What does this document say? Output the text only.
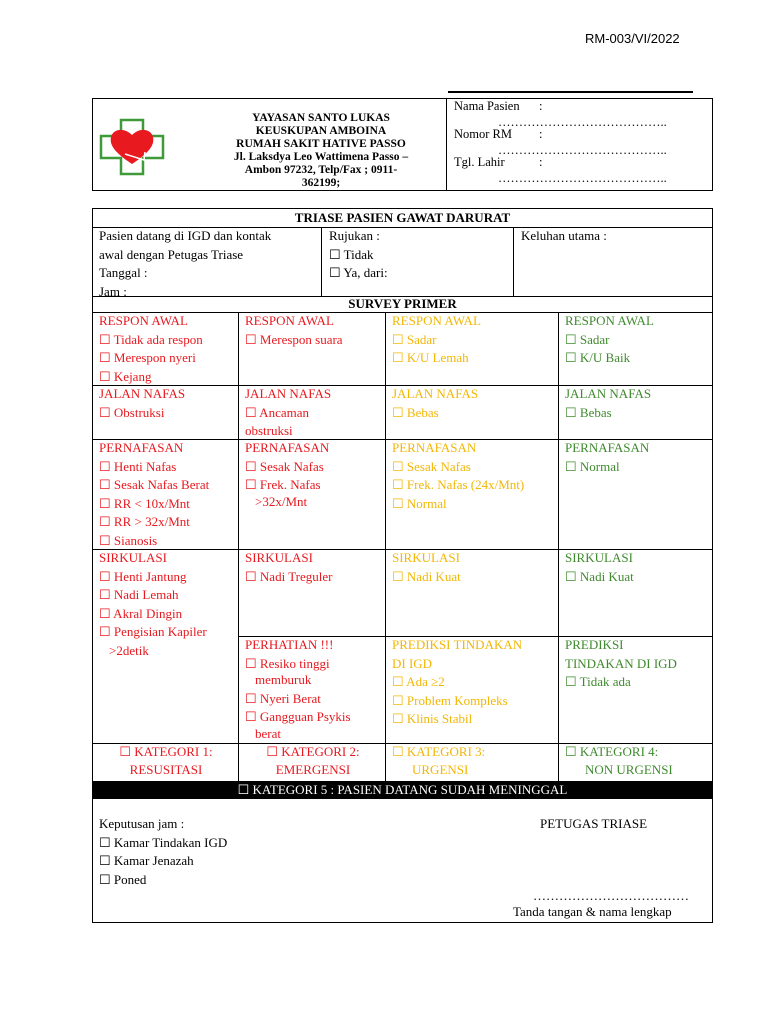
RM-003/VI/2022
YAYASAN SANTO LUKAS
KEUSKUPAN AMBOINA
RUMAH SAKIT HATIVE PASSO
Jl. Laksdya Leo Wattimena Passo –
Ambon 97232, Telp/Fax ; 0911-
362199;
Nama Pasien :
…………………………………..
Nomor RM :
…………………………………..
Tgl. Lahir	:
…………………………………..
TRIASE PASIEN GAWAT DARURAT
Pasien datang di IGD dan kontak
awal dengan Petugas Triase
Tanggal :
Jam :
Rujukan :
☐ Tidak
☐ Ya, dari:
Keluhan utama :
SURVEY PRIMER
RESPON AWAL
☐ Tidak ada respon
☐ Merespon nyeri
☐ Kejang
JALAN NAFAS
☐ Obstruksi
PERNAFASAN
☐ Henti Nafas
☐ Sesak Nafas Berat
☐ RR < 10x/Mnt
☐ RR > 32x/Mnt
☐ Sianosis
SIRKULASI
☐ Henti Jantung
☐ Nadi Lemah
☐ Akral Dingin
☐ Pengisian Kapiler
>2detik
☐ KATEGORI 1:
RESUSITASI
RESPON AWAL
☐ Merespon suara
JALAN NAFAS
☐ Ancaman
obstruksi
PERNAFASAN
☐ Sesak Nafas
☐ Frek. Nafas
>32x/Mnt
SIRKULASI
☐ Nadi Treguler
PERHATIAN !!!
☐ Resiko tinggi
memburuk
☐ Nyeri Berat
☐ Gangguan Psykis
berat
☐ KATEGORI 2:
EMERGENSI
RESPON AWAL
☐ Sadar
☐ K/U Lemah
JALAN NAFAS
☐ Bebas
PERNAFASAN
☐ Sesak Nafas
☐ Frek. Nafas (24x/Mnt)
☐ Normal
SIRKULASI
☐ Nadi Kuat
PREDIKSI TINDAKAN
DI IGD
☐ Ada ≥2
☐ Problem Kompleks
☐ Klinis Stabil
☐ KATEGORI 3:
URGENSI
RESPON AWAL
☐ Sadar
☐ K/U Baik
JALAN NAFAS
☐ Bebas
PERNAFASAN
☐ Normal
SIRKULASI
☐ Nadi Kuat
PREDIKSI
TINDAKAN DI IGD
☐ Tidak ada
☐ KATEGORI 4:
NON URGENSI
☐ KATEGORI 5 : PASIEN DATANG SUDAH MENINGGAL
Keputusan jam :
☐ Kamar Tindakan IGD
☐ Kamar Jenazah
☐ Poned
PETUGAS TRIASE
………………………………
Tanda tangan & nama lengkap
